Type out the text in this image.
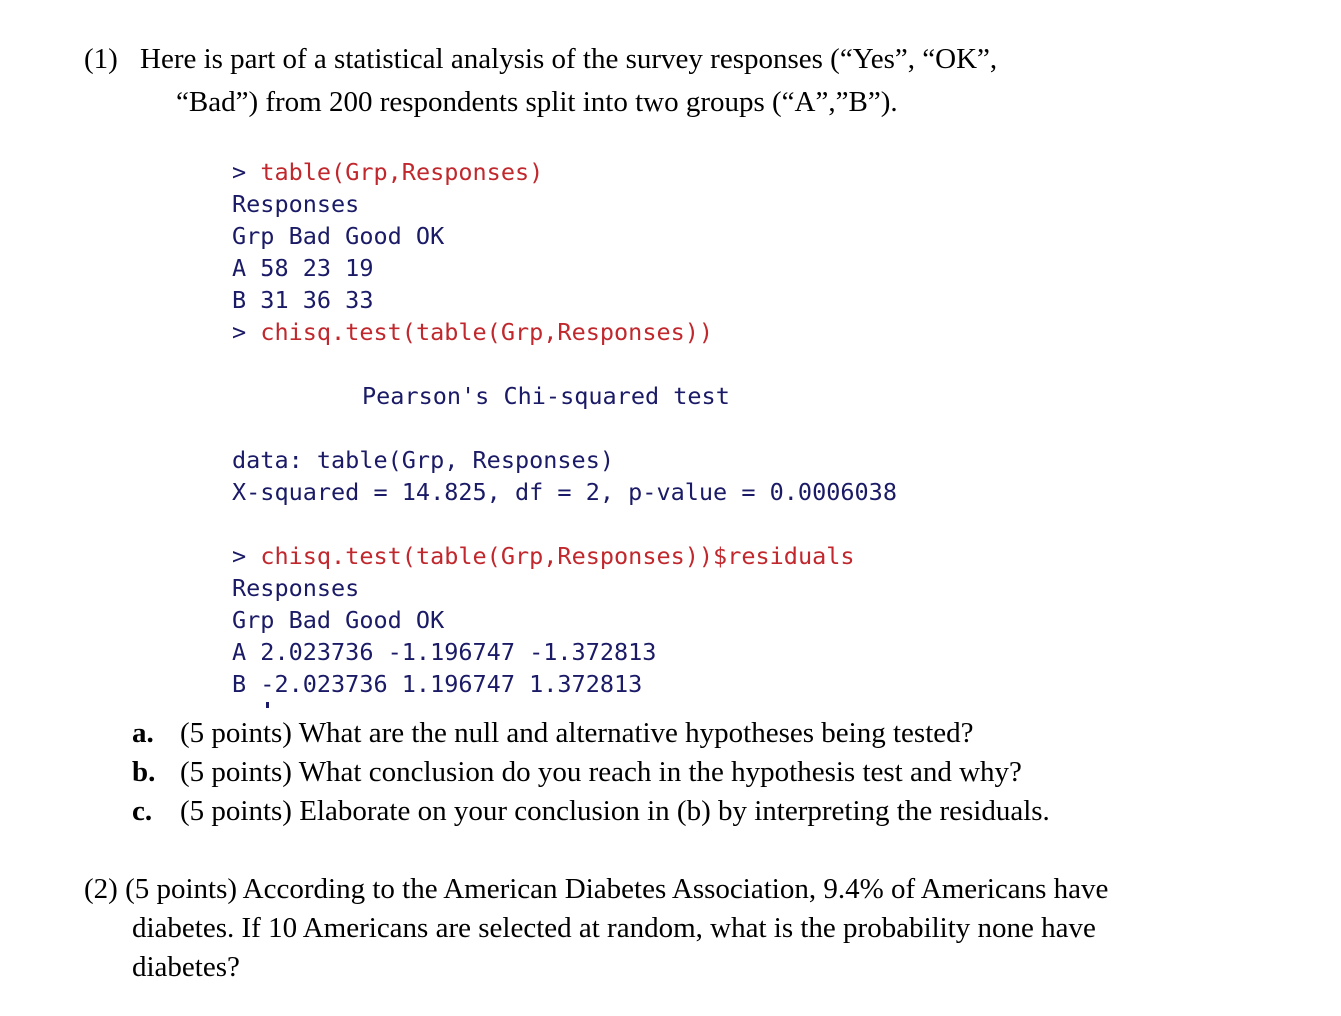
(1) Here is part of a statistical analysis of the survey responses (“Yes”, “OK”,
“Bad”) from 200 respondents split into two groups (“A”,”B”).
> table(Grp,Responses)
Responses
Grp Bad Good OK
A 58 23 19
B 31 36 33
> chisq.test(table(Grp,Responses))
Pearson's Chi-squared test
data: table(Grp, Responses)
X-squared = 14.825, df = 2, p-value = 0.0006038
> chisq.test(table(Grp,Responses))$residuals
Responses
Grp Bad Good OK
A 2.023736 -1.196747 -1.372813
B -2.023736 1.196747 1.372813
a. (5 points) What are the null and alternative hypotheses being tested?
b. (5 points) What conclusion do you reach in the hypothesis test and why?
c. (5 points) Elaborate on your conclusion in (b) by interpreting the residuals.
(2) (5 points) According to the American Diabetes Association, 9.4% of Americans have
diabetes. If 10 Americans are selected at random, what is the probability none have
diabetes?
